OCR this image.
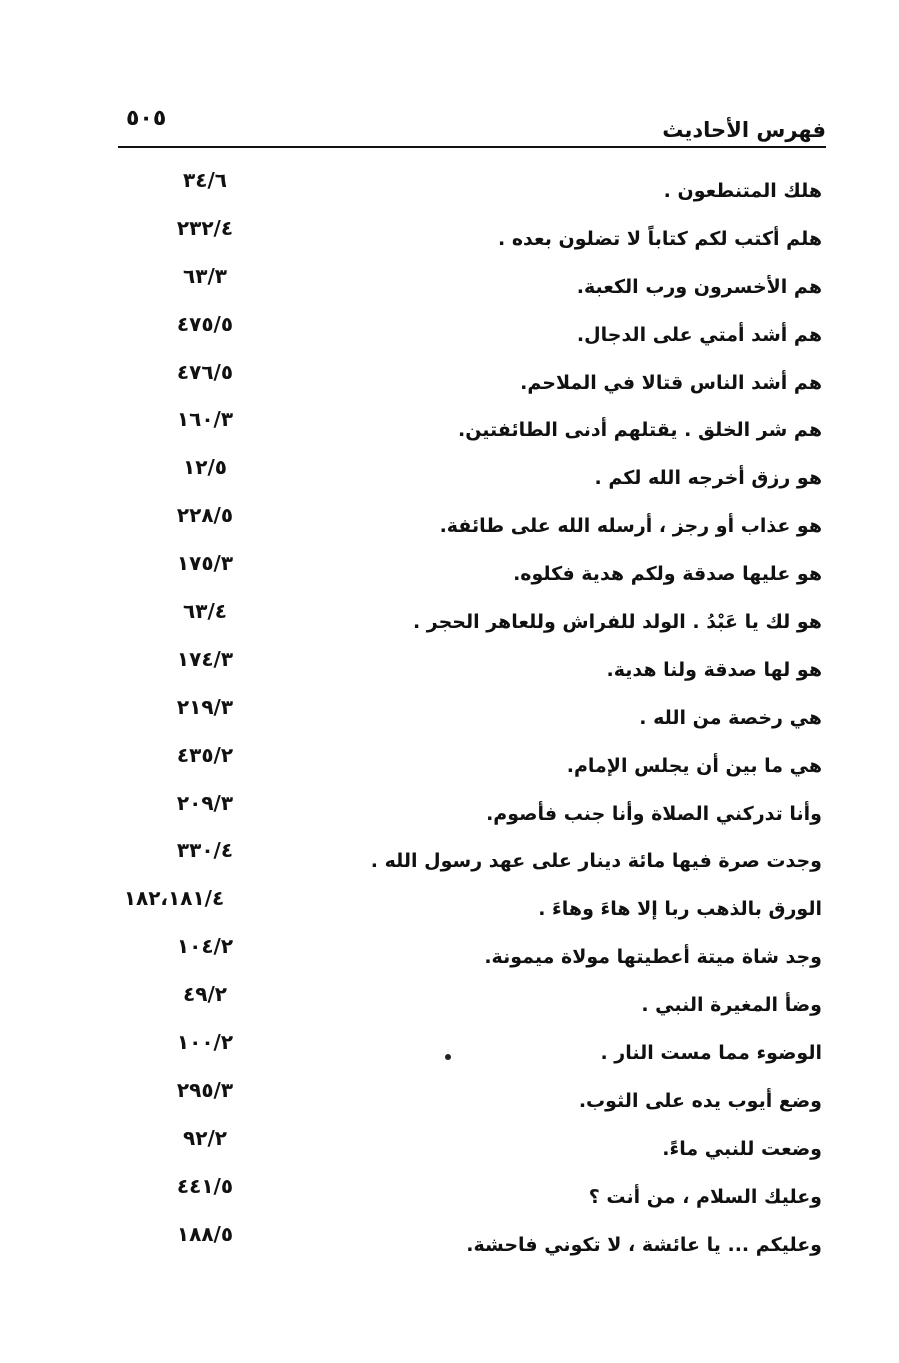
٥٠٥	فهرس الأحاديث
هلك المتنطعون .
٣٤/٦
هلم أكتب لكم كتاباً لا تضلون بعده .
٢٣٢/٤
هم الأخسرون ورب الكعبة.
٦٣/٣
هم أشد أمتي على الدجال.
٤٧٥/٥
هم أشد الناس قتالا في الملاحم.
٤٧٦/٥
هم شر الخلق . يقتلهم أدنى الطائفتين.
١٦٠/٣
هو رزق أخرجه الله لكم .
١٢/٥
هو عذاب أو رجز ، أرسله الله على طائفة.
٢٢٨/٥
هو عليها صدقة ولكم هدية فكلوه.
١٧٥/٣
هو لك يا عَبْدُ . الولد للفراش وللعاهر الحجر .
٦٣/٤
هو لها صدقة ولنا هدية.
١٧٤/٣
هي رخصة من الله .
٢١٩/٣
هي ما بين أن يجلس الإمام.
٤٣٥/٢
وأنا تدركني الصلاة وأنا جنب فأصوم.
٢٠٩/٣
وجدت صرة فيها مائة دينار على عهد رسول الله .
٣٣٠/٤
الورق بالذهب ربا إلا هاءَ وهاءَ .
١٨٢،١٨١/٤
وجد شاة ميتة أعطيتها مولاة ميمونة.
١٠٤/٢
وضأ المغيرة النبي .
٤٩/٢
الوضوء مما مست النار .
١٠٠/٢
وضع أيوب يده على الثوب.
٢٩٥/٣
وضعت للنبي ماءً.
٩٢/٢
وعليك السلام ، من أنت ؟
٤٤١/٥
وعليكم ... يا عائشة ، لا تكوني فاحشة.
١٨٨/٥
